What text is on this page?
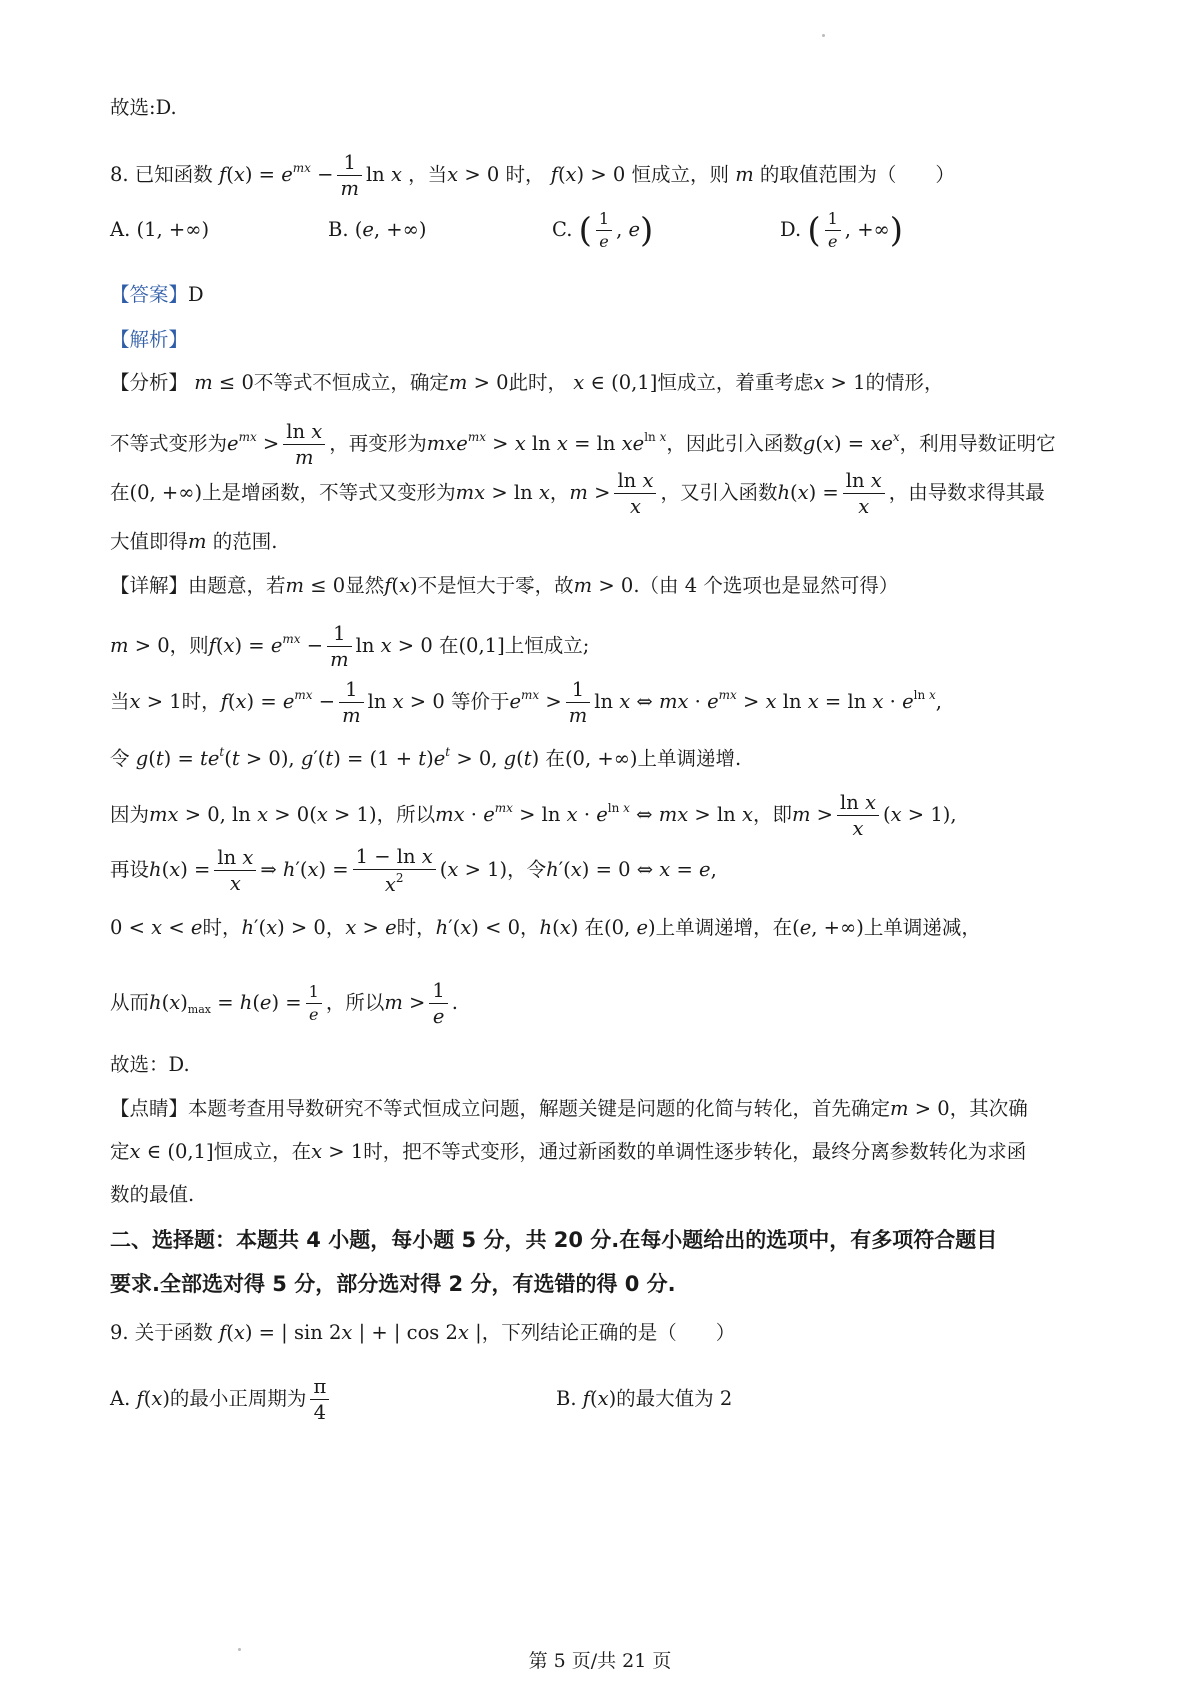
故选:D.
8. 已知函数 $f(x) = e^{mx} - \frac{1}{m}$ ln x ，当x > 0 时， f(x) > 0 恒成立，则 m 的取值范围为（　　）
A. (1, +∞)	B. (e, +∞)	C. ( $\frac{1}{e}$ , e)	D. ( $\frac{1}{e}$ , +∞)
【答案】D
【解析】
【分析】 m ≤ 0不等式不恒成立，确定m > 0此时， x ∈ (0,1]恒成立，着重考虑x > 1的情形，
不等式变形为$e^{mx} > \frac{\text{ln x}}{m}$ ，再变形为mxe$^{mx}$ > x $\ln x = \ln xe^{ln x}$，因此引入函数$g(x) = xe^x$，利用导数证明它
在(0, +∞)上是增函数，不等式又变形为mx > ln x，$m > \frac{\text{ln x}}{x}$ ，又引入函数$h(x) = \frac{\text{ln x}}{x}$ ，由导数求得其最
大值即得m 的范围.
【详解】由题意，若m ≤ 0显然f(x)不是恒大于零，故m > 0.（由 4 个选项也是显然可得）
m > 0，则$f(x) = e^{mx} - \frac{1}{m}$ ln x > 0 在(0,1]上恒成立;
当x > 1时，$f(x) = e^{mx} - \frac{1}{m}$ ln x > 0 等价于$e^{mx} > \frac{1}{m}$ ln x ⇔ mx · $e^{mx} > x$ $\ln x = \ln x \cdot e^{ln x}$,
令 $g(t) = te^t(t > 0)$, $g'(t) = (1 + t)e^t > 0$, g(t) 在(0, +∞)上单调递增.
因为mx > 0, ln x > 0(x > 1)，所以mx · $e^{mx} > \ln x \cdot e^{ln x}$ ⇔ mx > ln x，即$m > \frac{\text{ln x}}{x} (x > 1)$,
再设$h(x) = \frac{\text{ln x}}{x}$ ⇒ $h'(x) = \frac{\text{1 − ln x}}{x^2} (x > 1)$，令h′(x) = 0 ⇔ x = e,
0 < x < e时，h′(x) > 0，x > e时，h′(x) < 0，h(x) 在(0, e)上单调递增，在(e, +∞)上单调递减，
从而$h(x)_{max} = h(e) = \frac{1}{e}$ ，所以$m > \frac{1}{e}$ .
故选：D.
【点睛】本题考查用导数研究不等式恒成立问题，解题关键是问题的化简与转化，首先确定m > 0，其次确
定x ∈ (0,1]恒成立，在x > 1时，把不等式变形，通过新函数的单调性逐步转化，最终分离参数转化为求函
数的最值.
二、选择题：本题共 4 小题，每小题 5 分，共 20 分.在每小题给出的选项中，有多项符合题目
要求.全部选对得 5 分，部分选对得 2 分，有选错的得 0 分.
9. 关于函数 f(x) = | sin 2x | + | cos 2x |，下列结论正确的是（　　）
A. f(x)的最小正周期为 $\frac{\pi}{4}$	B. f(x)的最大值为 2
第 5 页/共 21 页
